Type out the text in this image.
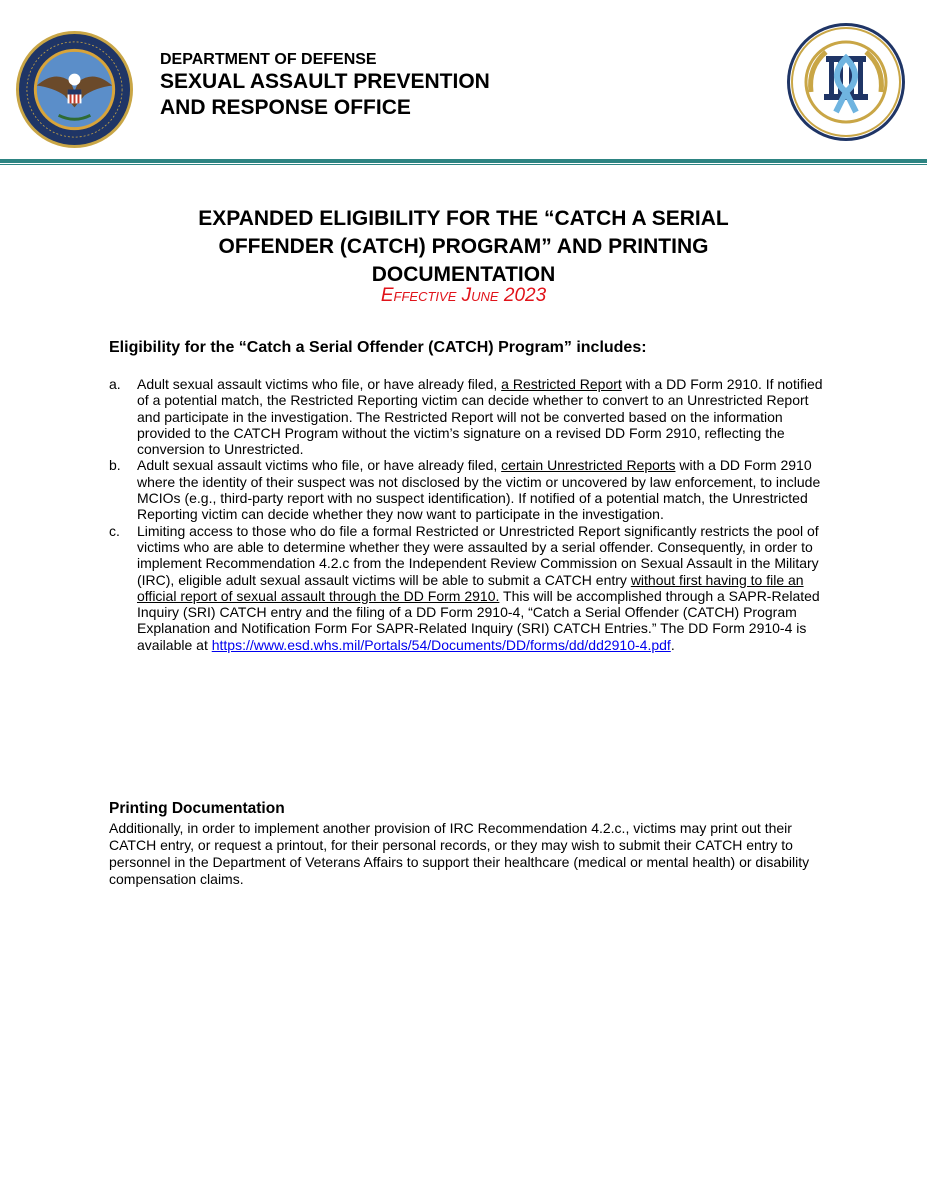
DEPARTMENT OF DEFENSE
SEXUAL ASSAULT PREVENTION
AND RESPONSE OFFICE
EXPANDED ELIGIBILITY FOR THE “CATCH A SERIAL
OFFENDER (CATCH) PROGRAM” AND PRINTING
DOCUMENTATION
Effective June 2023
Eligibility for the “Catch a Serial Offender (CATCH) Program” includes:

a. Adult sexual assault victims who file, or have already filed, a Restricted Report with a DD Form 2910. If notified of a potential match, the Restricted Reporting victim can decide whether to convert to an Unrestricted Report and participate in the investigation. The Restricted Report will not be converted based on the information provided to the CATCH Program without the victim’s signature on a revised DD Form 2910, reflecting the conversion to Unrestricted.

b. Adult sexual assault victims who file, or have already filed, certain Unrestricted Reports with a DD Form 2910 where the identity of their suspect was not disclosed by the victim or uncovered by law enforcement, to include MCIOs (e.g., third-party report with no suspect identification). If notified of a potential match, the Unrestricted Reporting victim can decide whether they now want to participate in the investigation.

c. Limiting access to those who do file a formal Restricted or Unrestricted Report significantly restricts the pool of victims who are able to determine whether they were assaulted by a serial offender. Consequently, in order to implement Recommendation 4.2.c from the Independent Review Commission on Sexual Assault in the Military (IRC), eligible adult sexual assault victims will be able to submit a CATCH entry without first having to file an official report of sexual assault through the DD Form 2910. This will be accomplished through a SAPR-Related Inquiry (SRI) CATCH entry and the filing of a DD Form 2910-4, “Catch a Serial Offender (CATCH) Program Explanation and Notification Form For SAPR-Related Inquiry (SRI) CATCH Entries.” The DD Form 2910-4 is available at https://www.esd.whs.mil/Portals/54/Documents/DD/forms/dd/dd2910-4.pdf.

Printing Documentation
Additionally, in order to implement another provision of IRC Recommendation 4.2.c., victims may print out their CATCH entry, or request a printout, for their personal records, or they may wish to submit their CATCH entry to personnel in the Department of Veterans Affairs to support their healthcare (medical or mental health) or disability compensation claims.
